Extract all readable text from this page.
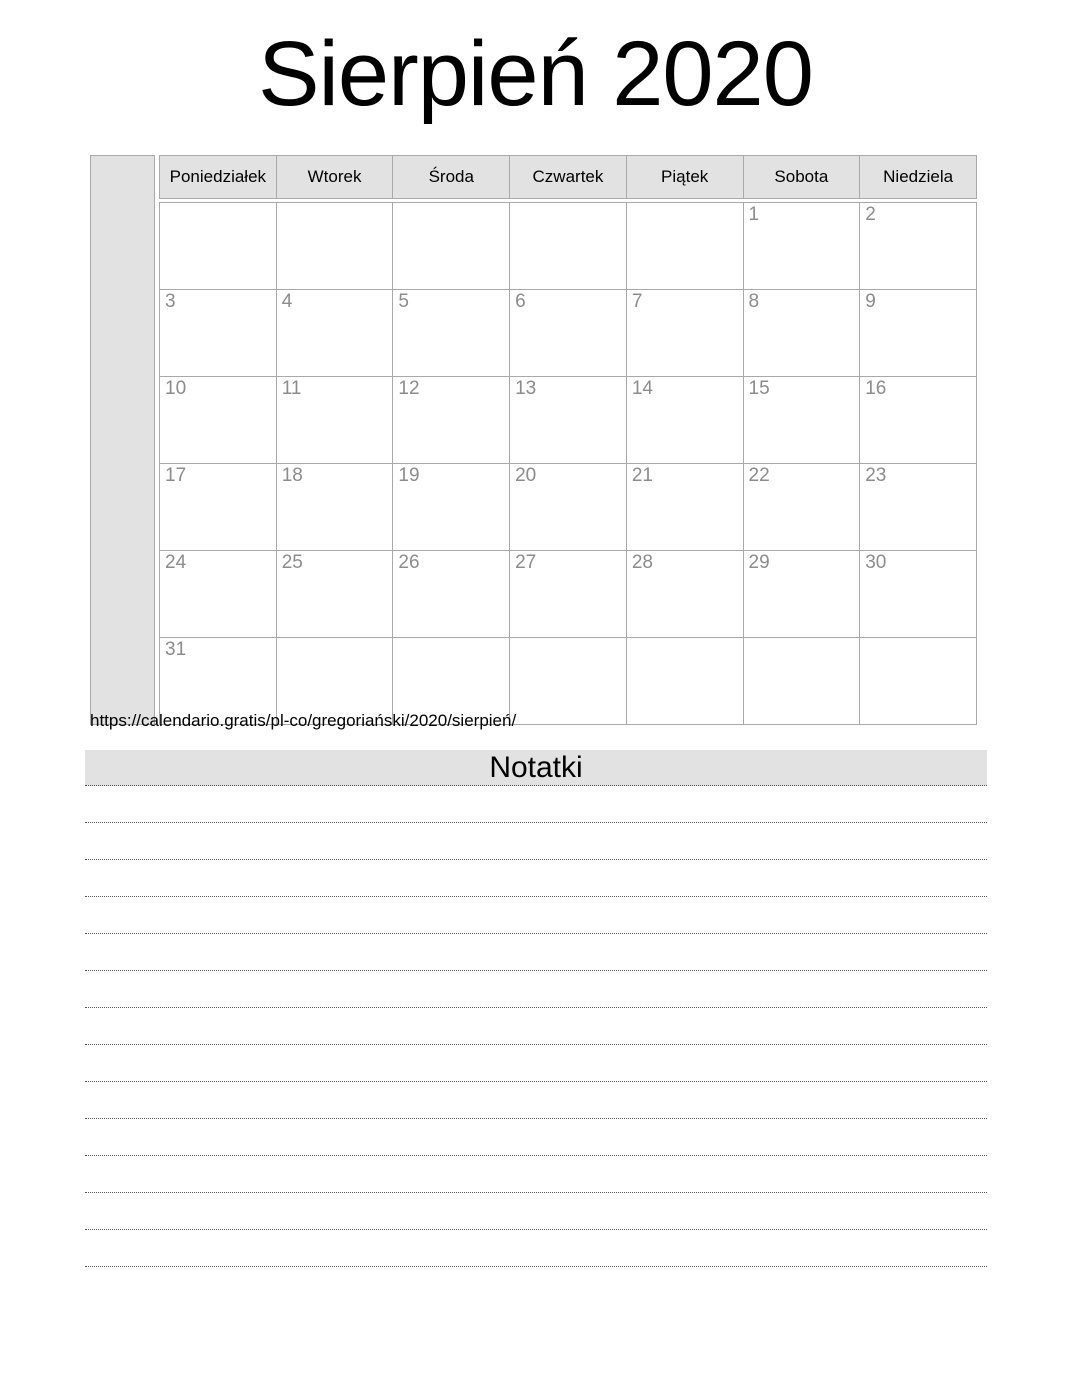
Sierpień 2020
Poniedziałek	Wtorek	Środa	Czwartek	Piątek	Sobota	Niedziela
					1	2
3	4	5	6	7	8	9
10	11	12	13	14	15	16
17	18	19	20	21	22	23
24	25	26	27	28	29	30
31						
https://calendario.gratis/pl-co/gregoriański/2020/sierpień/
Notatki
